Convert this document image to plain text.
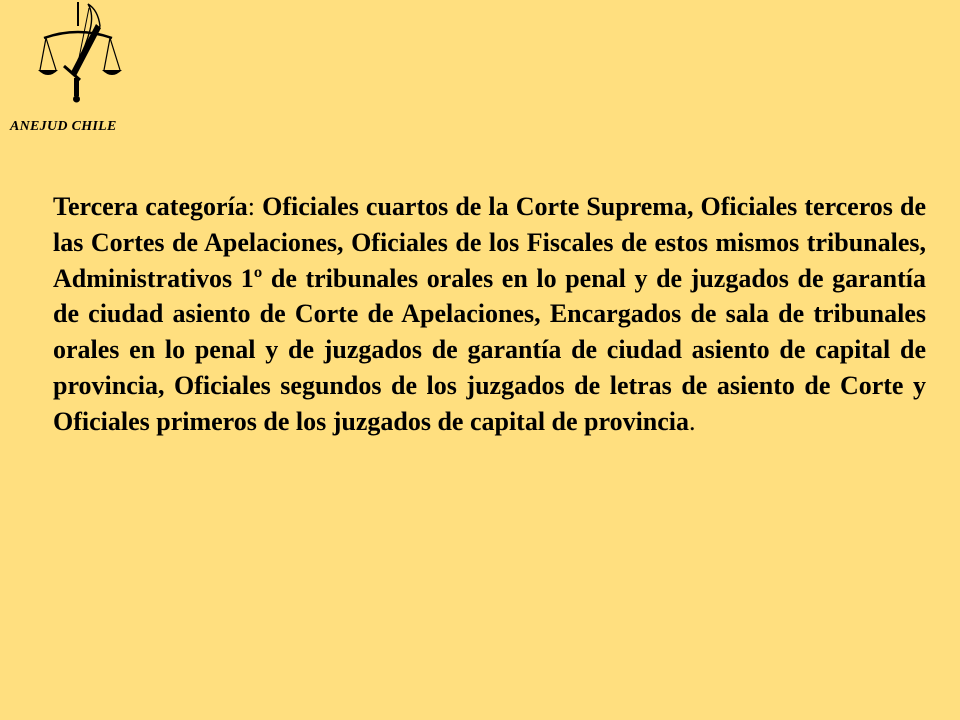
ANEJUD CHILE

Tercera categoría: Oficiales cuartos de la Corte Suprema, Oficiales terceros de las Cortes de Apelaciones, Oficiales de los Fiscales de estos mismos tribunales, Administrativos 1º de tribunales orales en lo penal y de juzgados de garantía de ciudad asiento de Corte de Apelaciones, Encargados de sala de tribunales orales en lo penal y de juzgados de garantía de ciudad asiento de capital de provincia, Oficiales segundos de los juzgados de letras de asiento de Corte y Oficiales primeros de los juzgados de capital de provincia.
